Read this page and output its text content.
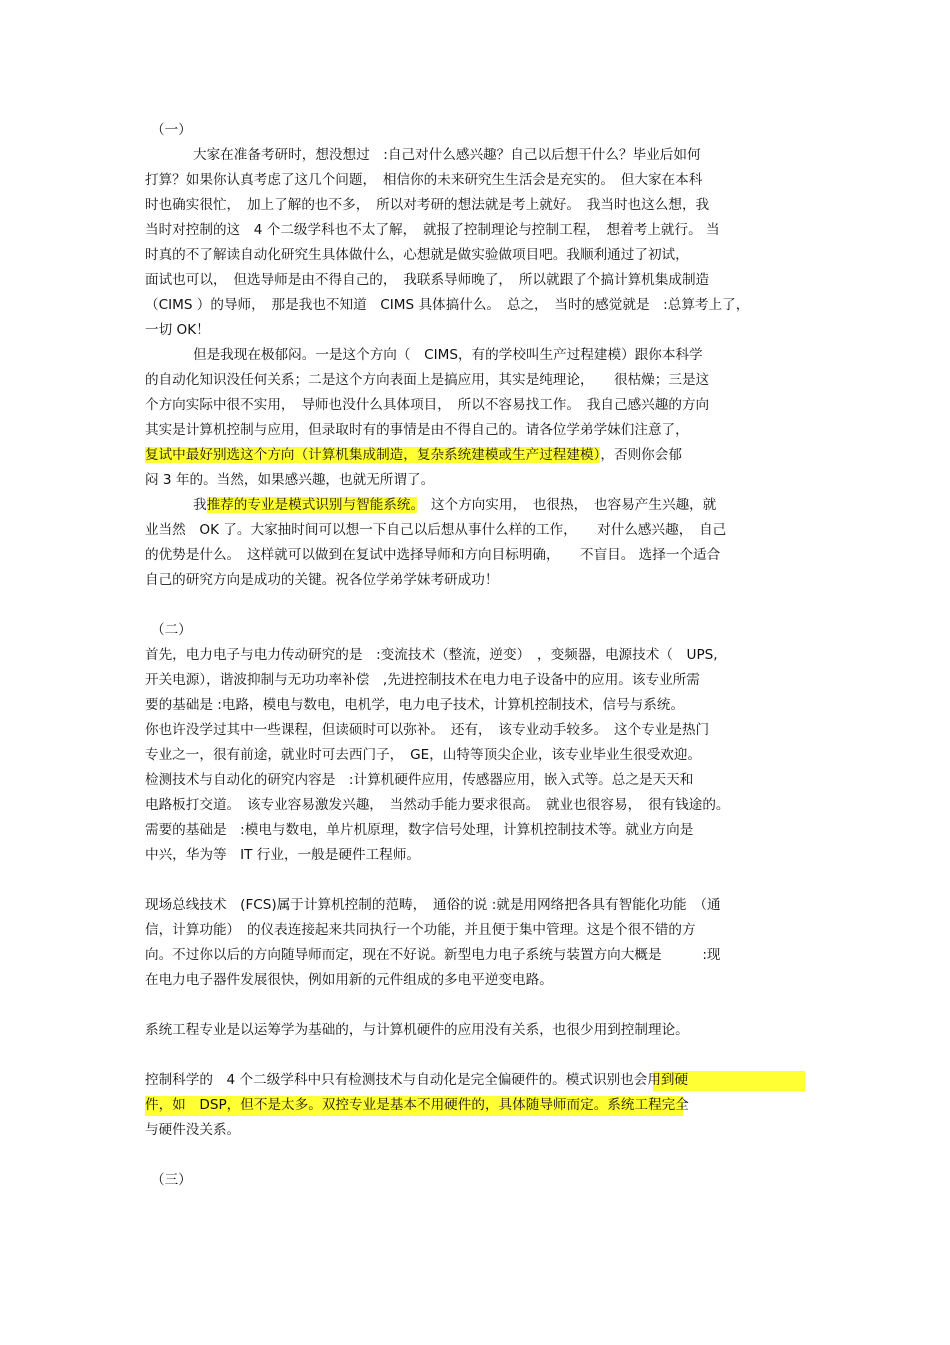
（一）
大家在准备考研时，想没想过　:自己对什么感兴趣？自己以后想干什么？毕业后如何
打算？如果你认真考虑了这几个问题，　相信你的未来研究生生活会是充实的。　但大家在本科
时也确实很忙，　加上了解的也不多，　所以对考研的想法就是考上就好。　我当时也这么想，我
当时对控制的这　4 个二级学科也不太了解，　就报了控制理论与控制工程，　想着考上就行。 当
时真的不了解读自动化研究生具体做什么，心想就是做实验做项目吧。我顺利通过了初试，
面试也可以，　但选导师是由不得自己的，　我联系导师晚了，　所以就跟了个搞计算机集成制造
（CIMS ）的导师，　那是我也不知道　CIMS 具体搞什么。　总之，　当时的感觉就是　:总算考上了，
一切 OK！
但是我现在极郁闷。一是这个方向（　CIMS，有的学校叫生产过程建模）跟你本科学
的自动化知识没任何关系；二是这个方向表面上是搞应用，其实是纯理论，　　很枯燥；三是这
个方向实际中很不实用，　导师也没什么具体项目，　所以不容易找工作。　我自己感兴趣的方向
其实是计算机控制与应用，但录取时有的事情是由不得自己的。请各位学弟学妹们注意了，
复试中最好别选这个方向（计算机集成制造，复杂系统建模或生产过程建模），否则你会郁
闷 3 年的。当然，如果感兴趣，也就无所谓了。
我推荐的专业是模式识别与智能系统。　这个方向实用，　也很热，　也容易产生兴趣，就
业当然　OK 了。大家抽时间可以想一下自己以后想从事什么样的工作，　　对什么感兴趣，　自己
的优势是什么。　这样就可以做到在复试中选择导师和方向目标明确，　　不盲目。 选择一个适合
自己的研究方向是成功的关键。祝各位学弟学妹考研成功！
（二）
首先，电力电子与电力传动研究的是　:变流技术（整流，逆变）　，变频器，电源技术（　UPS,
开关电源），谐波抑制与无功功率补偿　,先进控制技术在电力电子设备中的应用。该专业所需
要的基础是 :电路，模电与数电，电机学，电力电子技术，计算机控制技术，信号与系统。
你也许没学过其中一些课程，但读硕时可以弥补。　还有，　该专业动手较多。　这个专业是热门
专业之一，很有前途，就业时可去西门子，　GE，山特等顶尖企业，该专业毕业生很受欢迎。
检测技术与自动化的研究内容是　:计算机硬件应用，传感器应用，嵌入式等。总之是天天和
电路板打交道。　该专业容易激发兴趣，　当然动手能力要求很高。　就业也很容易，　很有钱途的。
需要的基础是　:模电与数电，单片机原理，数字信号处理，计算机控制技术等。就业方向是
中兴，华为等　IT 行业，一般是硬件工程师。
现场总线技术　(FCS)属于计算机控制的范畴，　通俗的说 :就是用网络把各具有智能化功能　（通
信，计算功能）　的仪表连接起来共同执行一个功能，并且便于集中管理。这是个很不错的方
向。不过你以后的方向随导师而定，现在不好说。新型电力电子系统与装置方向大概是　　　:现
在电力电子器件发展很快，例如用新的元件组成的多电平逆变电路。
系统工程专业是以运筹学为基础的，与计算机硬件的应用没有关系，也很少用到控制理论。
控制科学的　4 个二级学科中只有检测技术与自动化是完全偏硬件的。模式识别也会用到硬
件，如　DSP，但不是太多。双控专业是基本不用硬件的，具体随导师而定。系统工程完全
与硬件没关系。
（三）
